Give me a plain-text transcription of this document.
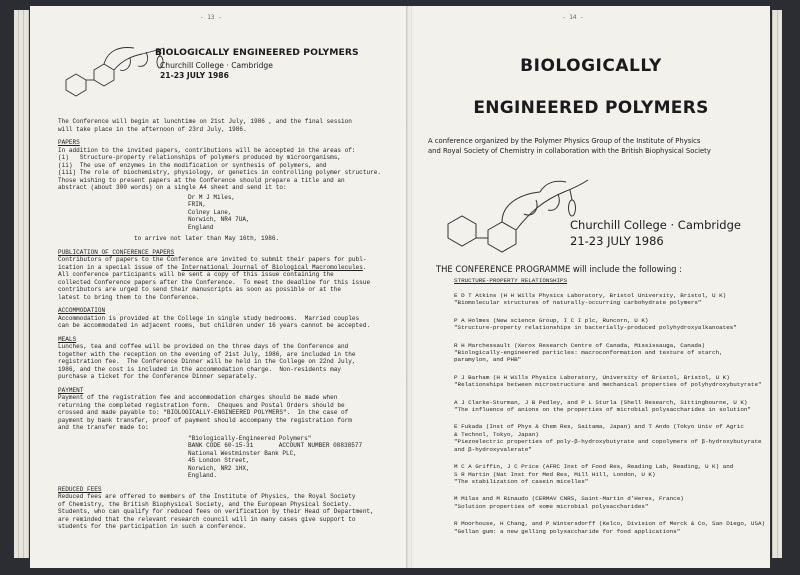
- 13 -
BIOLOGICALLY ENGINEERED POLYMERS
Churchill College · Cambridge
21-23 JULY 1986

The Conference will begin at lunchtime on 21st July, 1986 , and the final session
will take place in the afternoon of 23rd July, 1986.

PAPERS

In addition to the invited papers, contributions will be accepted in the areas of:
(i)   Structure-property relationships of polymers produced by microorganisms,
(ii)  The use of enzymes in the modification or synthesis of polymers, and
(iii) The role of biochemistry, physiology, or genetics in controlling polymer structure.
Those wishing to present papers at the Conference should prepare a title and an
abstract (about 300 words) on a single A4 sheet and send it to:

Dr M J Miles,
FRIN,
Colney Lane,
Norwich, NR4 7UA,
England

to arrive not later than May 16th, 1986.

PUBLICATION OF CONFERENCE PAPERS

Contributors of papers to the Conference are invited to submit their papers for publ-
ication in a special issue of the International Journal of Biological Macromolecules.
All conference participants will be sent a copy of this issue containing the
collected Conference papers after the Conference.  To meet the deadline for this issue
contributors are urged to send their manuscripts as soon as possible or at the
latest to bring them to the Conference.

ACCOMMODATION

Accommodation is provided at the College in single study bedrooms.  Married couples
can be accommodated in adjacent rooms, but children under 16 years cannot be accepted.

MEALS

Lunches, tea and coffee will be provided on the three days of the Conference and
together with the reception on the evening of 21st July, 1986, are included in the
registration fee.  The Conference Dinner will be held in the College on 22nd July,
1986, and the cost is included in the accommodation charge.  Non-residents may
purchase a ticket for the Conference Dinner separately.

PAYMENT

Payment of the registration fee and accommodation charges should be made when
returning the completed registration form.  Cheques and Postal Orders should be
crossed and made payable to: "BIOLOGICALLY-ENGINEERED POLYMERS".  In the case of
payment by bank transfer, proof of payment should accompany the registration form
and the transfer made to:

"Biologically-Engineered Polymers"
BANK CODE 60-15-31       ACCOUNT NUMBER 08838577
National Westminster Bank PLC,
45 London Street,
Norwich, NR2 1HX,
England.

REDUCED FEES

Reduced fees are offered to members of the Institute of Physics, the Royal Society
of Chemistry, the British Biophysical Society, and the European Physical Society.
Students, who can qualify for reduced fees on verification by their Head of Department,
are reminded that the relevant research council will in many cases give support to
students for the participation in such a conference.

- 14 -
BIOLOGICALLY
ENGINEERED POLYMERS
A conference organized by the Polymer Physics Group of the Institute of Physics
and Royal Society of Chemistry in collaboration with the British Biophysical Society
Churchill College · Cambridge
21-23 JULY 1986
THE CONFERENCE PROGRAMME will include the following :
STRUCTURE-PROPERTY RELATIONSHIPS
E D T Atkins (H H Wills Physics Laboratory, Bristol University, Bristol, U K)
"Biomolecular structures of naturally-occurring carbohydrate polymers"
P A Holmes (New science Group, I C I plc, Runcorn, U K)
"Structure-property relationships in bacterially-produced polyhydroxyalkanoates"
R H Marchessault (Xerox Research Centre of Canada, Mississauga, Canada)
"Biologically-engineered particles: macroconformation and texture of starch,
paramylon, and PHB"
P J Barham (H H Wills Physics Laboratory, University of Bristol, Bristol, U K)
"Relationships between microstructure and mechanical properties of polyhydroxybutyrate"
A J Clarke-Sturman, J B Pedley, and P L Sturla (Shell Research, Sittingbourne, U K)
"The influence of anions on the properties of microbial polysaccharides in solution"
E Fukada (Inst of Phys & Chem Res, Saitama, Japan) and T Ando (Tokyo Univ of Agric
& Technol, Tokyo, Japan)
"Piezoelectric properties of poly-β-hydroxybutyrate and copolymers of β-hydroxybutyrate
and β-hydroxyvalerate"
M C A Griffin, J C Price (AFRC Inst of Food Res, Reading Lab, Reading, U K) and
S R Martin (Nat Inst for Med Res, Mill Hill, London, U K)
"The stabilization of casein micelles"
M Milas and M Rinaudo (CERMAV CNRS, Saint-Martin d'Heres, France)
"Solution properties of some microbial polysaccharides"
R Moorhouse, H Chang, and P Wintersdorff (Kelco, Division of Merck & Co, San Diego, USA)
"Gellan gum: a new gelling polysaccharide for food applications"
